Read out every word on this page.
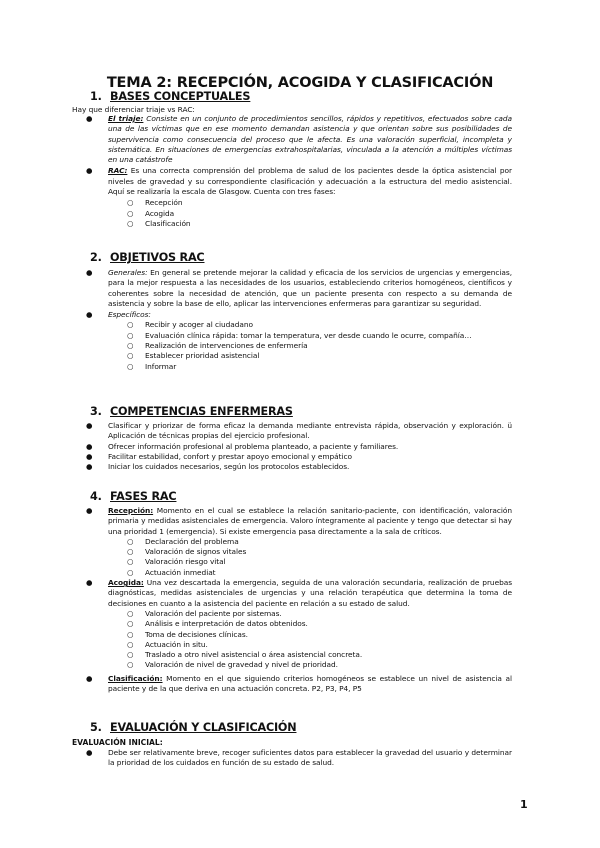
TEMA 2: RECEPCIÓN, ACOGIDA Y CLASIFICACIÓN
1. BASES CONCEPTUALES
Hay que diferenciar triaje vs RAC:
● El triaje: Consiste en un conjunto de procedimientos sencillos, rápidos y repetitivos, efectuados sobre cada una de las víctimas que en ese momento demandan asistencia y que orientan sobre sus posibilidades de supervivencia como consecuencia del proceso que le afecta. Es una valoración superficial, incompleta y sistemática. En situaciones de emergencias extrahospitalarias, vinculada a la atención a múltiples víctimas en una catástrofe
● RAC: Es una correcta comprensión del problema de salud de los pacientes desde la óptica asistencial por niveles de gravedad y su correspondiente clasificación y adecuación a la estructura del medio asistencial. Aquí se realizaría la escala de Glasgow. Cuenta con tres fases:
○ Recepción
○ Acogida
○ Clasificación
2. OBJETIVOS RAC
● Generales: En general se pretende mejorar la calidad y eficacia de los servicios de urgencias y emergencias, para la mejor respuesta a las necesidades de los usuarios, estableciendo criterios homogéneos, científicos y coherentes sobre la necesidad de atención, que un paciente presenta con respecto a su demanda de asistencia y sobre la base de ello, aplicar las intervenciones enfermeras para garantizar su seguridad.
● Específicos:
○ Recibir y acoger al ciudadano
○ Evaluación clínica rápida: tomar la temperatura, ver desde cuando le ocurre, compañía…
○ Realización de intervenciones de enfermería
○ Establecer prioridad asistencial
○ Informar
3. COMPETENCIAS ENFERMERAS
● Clasificar y priorizar de forma eficaz la demanda mediante entrevista rápida, observación y exploración. ü Aplicación de técnicas propias del ejercicio profesional.
● Ofrecer información profesional al problema planteado, a paciente y familiares.
● Facilitar estabilidad, confort y prestar apoyo emocional y empático
● Iniciar los cuidados necesarios, según los protocolos establecidos.
4. FASES RAC
● Recepción: Momento en el cual se establece la relación sanitario-paciente, con identificación, valoración primaria y medidas asistenciales de emergencia. Valoro íntegramente al paciente y tengo que detectar si hay una prioridad 1 (emergencia). Si existe emergencia pasa directamente a la sala de críticos.
○ Declaración del problema
○ Valoración de signos vitales
○ Valoración riesgo vital
○ Actuación inmediat
● Acogida: Una vez descartada la emergencia, seguida de una valoración secundaria, realización de pruebas diagnósticas, medidas asistenciales de urgencias y una relación terapéutica que determina la toma de decisiones en cuanto a la asistencia del paciente en relación a su estado de salud.
○ Valoración del paciente por sistemas.
○ Análisis e interpretación de datos obtenidos.
○ Toma de decisiones clínicas.
○ Actuación in situ.
○ Traslado a otro nivel asistencial o área asistencial concreta.
○ Valoración de nivel de gravedad y nivel de prioridad.
● Clasificación: Momento en el que siguiendo criterios homogéneos se establece un nivel de asistencia al paciente y de la que deriva en una actuación concreta. P2, P3, P4, P5
5. EVALUACIÓN Y CLASIFICACIÓN
EVALUACIÓN INICIAL:
● Debe ser relativamente breve, recoger suficientes datos para establecer la gravedad del usuario y determinar la prioridad de los cuidados en función de su estado de salud.
1
